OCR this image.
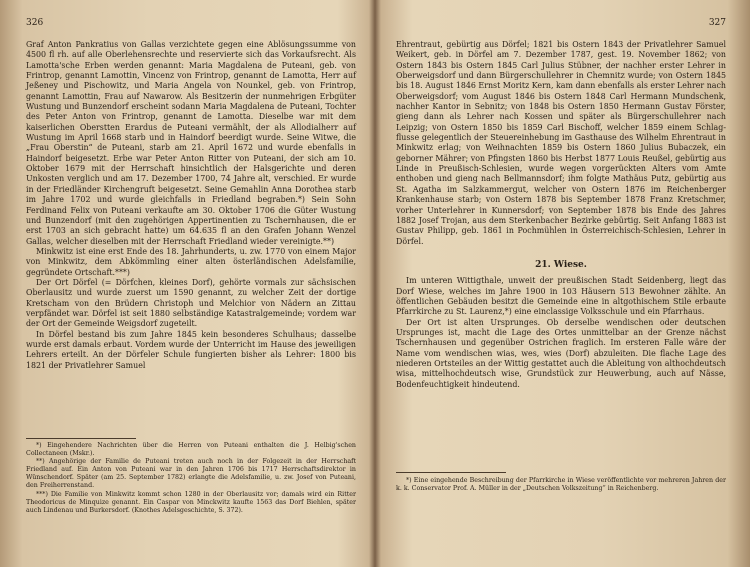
326

Graf Anton Pankratius von Gallas verzichtete gegen eine Ablösungssumme von 4500 fl rh. auf alle Oberlehensrechte und reservierte sich das Vorkaufsrecht. Als Lamotta'sche Erben werden genannt: Maria Magdalena de Puteani, geb. von Frintrop, genannt Lamottin, Vincenz von Frintrop, genannt de Lamotta, Herr auf Jeßeney und Pischowitz, und Maria Angela von Nounkel, geb. von Frintrop, genannt Lamottin, Frau auf Nawarow. Als Besitzerin der nunmehrigen Erbgüter Wustung und Bunzendorf erscheint sodann Maria Magdalena de Puteani, Tochter des Peter Anton von Frintrop, genannt de Lamotta. Dieselbe war mit dem kaiserlichen Oberstten Erardus de Puteani vermählt, der als Allodialherr auf Wustung im April 1668 starb und in Haindorf beerdigt wurde. Seine Witwe, die „Frau Oberstin“ de Puteani, starb am 21. April 1672 und wurde ebenfalls in Haindorf beigesetzt. Erbe war Peter Anton Ritter von Puteani, der sich am 10. Oktober 1679 mit der Herrschaft hinsichtlich der Halsgerichte und deren Unkosten verglich und am 17. Dezember 1700, 74 Jahre alt, verschied. Er wurde in der Friedländer Kirchengruft beigesetzt. Seine Gemahlin Anna Dorothea starb im Jahre 1702 und wurde gleichfalls in Friedland begraben.*) Sein Sohn Ferdinand Felix von Puteani verkaufte am 30. Oktober 1706 die Güter Wustung und Bunzendorf (mit den zugehörigen Appertinentien zu Tschernhausen, die er erst 1703 an sich gebracht hatte) um 64.635 fl an den Grafen Johann Wenzel Gallas, welcher dieselben mit der Herrschaft Friedland wieder vereinigte.**)

Minkwitz ist eine erst Ende des 18. Jahrhunderts, u. zw. 1770 von einem Major von Minkwitz, dem Abkömmling einer alten österländischen Adelsfamilie, gegründete Ortschaft.***)

Der Ort Dörfel (= Dörfchen, kleines Dorf), gehörte vormals zur sächsischen Oberlausitz und wurde zuerst um 1590 genannt, zu welcher Zeit der dortige Kretscham von den Brüdern Christoph und Melchior von Nädern an Zittau verpfändet war. Dörfel ist seit 1880 selbständige Katastralgemeinde; vordem war der Ort der Gemeinde Weigsdorf zugeteilt.

In Dörfel bestand bis zum Jahre 1845 kein besonderes Schulhaus; dasselbe wurde erst damals erbaut. Vordem wurde der Unterricht im Hause des jeweiligen Lehrers erteilt. An der Dörfeler Schule fungierten bisher als Lehrer: 1800 bis 1821 der Privatlehrer Samuel

*) Eingehendere Nachrichten über die Herren von Puteani enthalten die J. Helbig'schen Collectaneen (Mskr.).

**) Angehörige der Familie de Puteani treten auch noch in der Folgezeit in der Herrschaft Friedland auf. Ein Anton von Puteani war in den Jahren 1706 bis 1717 Herrschaftsdirektor in Wünschendorf. Später (am 25. September 1782) erlangte die Adelsfamilie, u. zw. Josef von Puteani, den Freiherrenstand.

***) Die Familie von Minkwitz kommt schon 1280 in der Oberlausitz vor; damals wird ein Ritter Theodoricus de Minquize genannt. Ein Caspar von Minckwitz kaufte 1563 das Dorf Biehlen, später auch Lindenau und Burkersdorf. (Knothes Adelsgeschichte, S. 372).

327

Ehrentraut, gebürtig aus Dörfel; 1821 bis Ostern 1843 der Privatlehrer Samuel Weikert, geb. in Dörfel am 7. Dezember 1787, gest. 19. November 1862; von Ostern 1843 bis Ostern 1845 Carl Julius Stübner, der nachher erster Lehrer in Oberweigsdorf und dann Bürgerschullehrer in Chemnitz wurde; von Ostern 1845 bis 18. August 1846 Ernst Moritz Kern, kam dann ebenfalls als erster Lehrer nach Oberweigsdorf; vom August 1846 bis Ostern 1848 Carl Hermann Mundschenk, nachher Kantor in Sebnitz; von 1848 bis Ostern 1850 Hermann Gustav Förster, gieng dann als Lehrer nach Kossen und später als Bürgerschullehrer nach Leipzig; von Ostern 1850 bis 1859 Carl Bischoff, welcher 1859 einem Schlagflusse gelegentlich der Steuereinhebung im Gasthause des Wilhelm Ehrentraut in Minkwitz erlag; von Weihnachten 1859 bis Ostern 1860 Julius Bubaczek, ein geborner Mährer; von Pfingsten 1860 bis Herbst 1877 Louis Reußel, gebürtig aus Linde in Preußisch-Schlesien, wurde wegen vorgerückten Alters vom Amte enthoben und gieng nach Bellmannsdorf; ihm folgte Mathäus Putz, gebürtig aus St. Agatha im Salzkammergut, welcher von Ostern 1876 im Reichenberger Krankenhause starb; von Ostern 1878 bis September 1878 Franz Kretschmer, vorher Unterlehrer in Kunnersdorf; von September 1878 bis Ende des Jahres 1882 Josef Trojan, aus dem Sterkenbacher Bezirke gebürtig. Seit Anfang 1883 ist Gustav Philipp, geb. 1861 in Pochmühlen in Österreichisch-Schlesien, Lehrer in Dörfel.

21. Wiese.

Im unteren Wittigthale, unweit der preußischen Stadt Seidenberg, liegt das Dorf Wiese, welches im Jahre 1900 in 103 Häusern 513 Bewohner zählte. An öffentlichen Gebäuden besitzt die Gemeinde eine in altgothischem Stile erbaute Pfarrkirche zu St. Laurenz,*) eine einclassige Volksschule und ein Pfarrhaus.

Der Ort ist alten Ursprunges. Ob derselbe wendischen oder deutschen Ursprunges ist, macht die Lage des Ortes unmittelbar an der Grenze nächst Tschernhausen und gegenüber Ostrichen fraglich. Im ersteren Falle wäre der Name vom wendischen wias, wes, wies (Dorf) abzuleiten. Die flache Lage des niederen Ortsteiles an der Wittig gestattet auch die Ableitung von althochdeutsch wisa, mittelhochdeutsch wise, Grundstück zur Heuwerbung, auch auf Nässe, Bodenfeuchtigkeit hindeutend.

*) Eine eingehende Beschreibung der Pfarrkirche in Wiese veröffentlichte vor mehreren Jahren der k. k. Conservator Prof. A. Müller in der „Deutschen Volkszeitung“ in Reichenberg.
